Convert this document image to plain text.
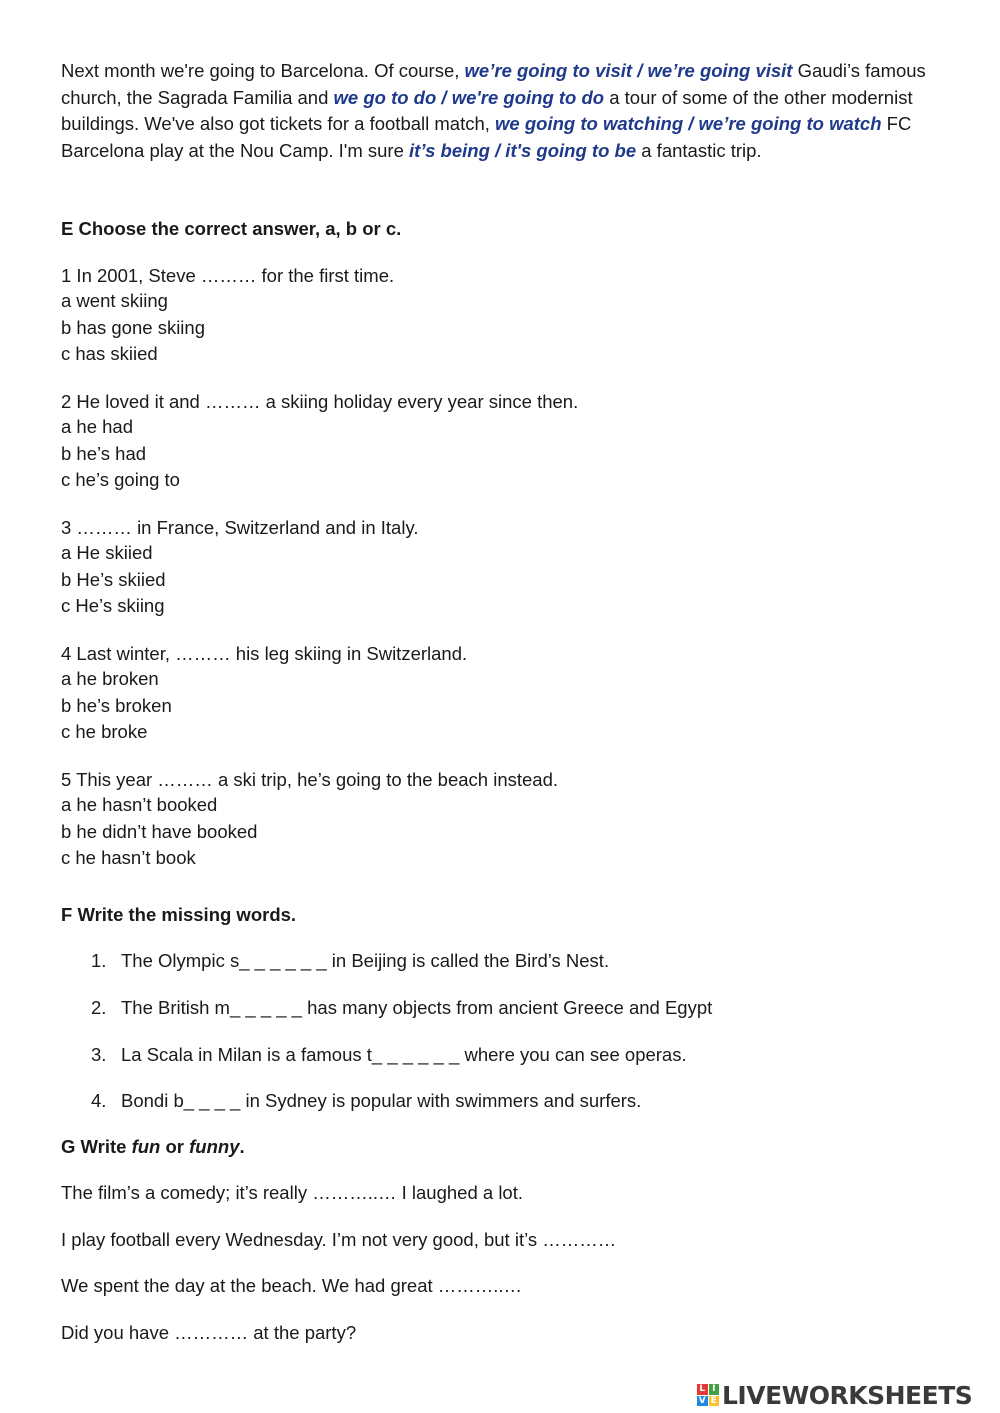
Next month we're going to Barcelona. Of course, we’re going to visit / we’re going visit Gaudi’s famous church, the Sagrada Familia and we go to do / we're going to do a tour of some of the other modernist buildings. We've also got tickets for a football match, we going to watching / we’re going to watch FC Barcelona play at the Nou Camp. I'm sure it’s being / it's going to be a fantastic trip.

E Choose the correct answer, a, b or c.

1 In 2001, Steve ……… for the first time.
a went skiing
b has gone skiing
c has skiied
2 He loved it and ……… a skiing holiday every year since then.
a he had
b he’s had
c he’s going to
3 ……… in France, Switzerland and in Italy.
a He skiied
b He’s skiied
c He’s skiing
4 Last winter, ……… his leg skiing in Switzerland.
a he broken
b he’s broken
c he broke
5 This year ……… a ski trip, he’s going to the beach instead.
a he hasn’t booked
b he didn’t have booked
c he hasn’t book

F Write the missing words.

1. The Olympic s_ _ _ _ _ _ in Beijing is called the Bird’s Nest.
2. The British m_ _ _ _ _ has many objects from ancient Greece and Egypt
3. La Scala in Milan is a famous t_ _ _ _ _ _ where you can see operas.
4. Bondi b_ _ _ _ in Sydney is popular with swimmers and surfers.

G Write fun or funny.

The film’s a comedy; it’s really ………..… I laughed a lot.

I play football every Wednesday. I’m not very good, but it’s …………

We spent the day at the beach. We had great ………..…

Did you have ………… at the party?

L I
V E LIVEWORKSHEETS
